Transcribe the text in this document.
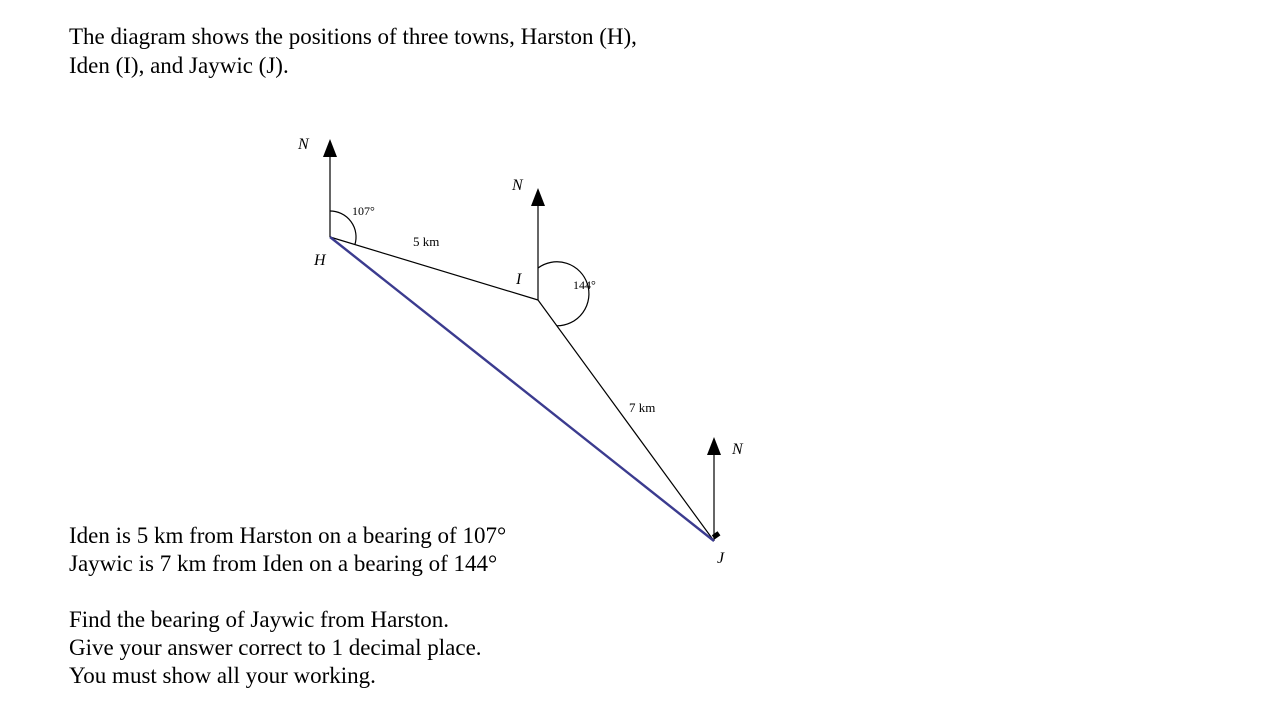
The diagram shows the positions of three towns, Harston (H),
Iden (I), and Jaywic (J).
N
N
N
107°
144°
5 km
7 km
H
I
J
Iden is 5 km from Harston on a bearing of 107°
Jaywic is 7 km from Iden on a bearing of 144°
Find the bearing of Jaywic from Harston.
Give your answer correct to 1 decimal place.
You must show all your working.
